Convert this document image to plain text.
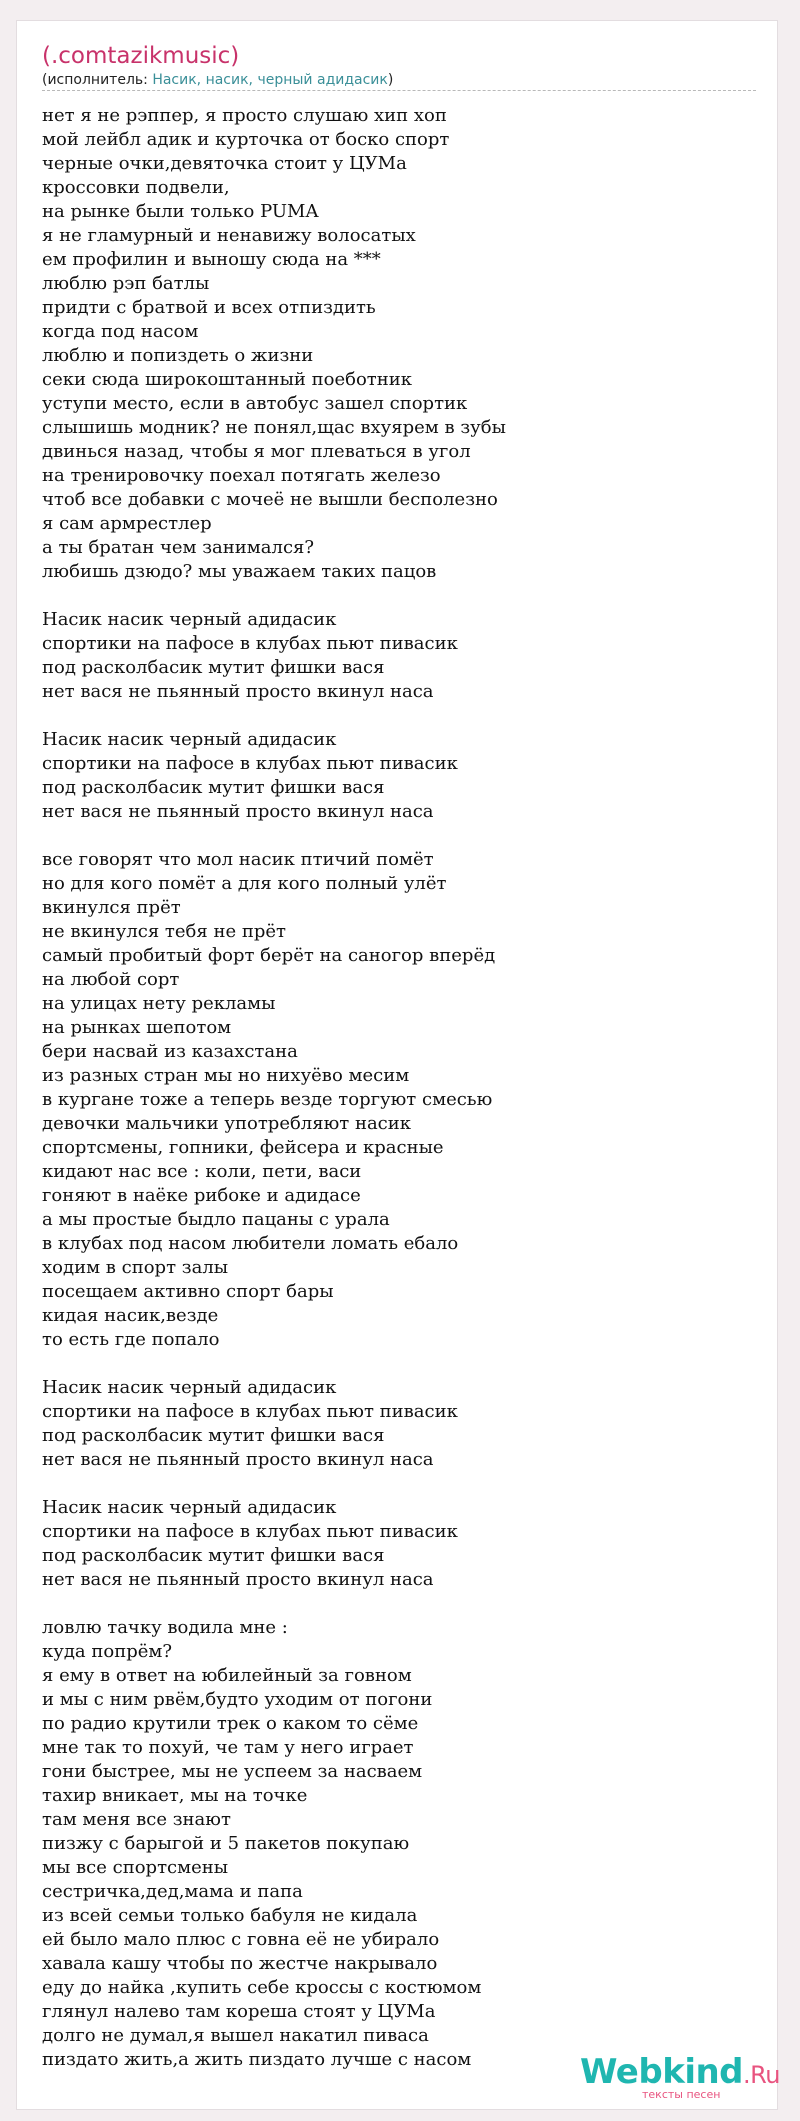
(.comtazikmusic)
(исполнитель: Насик, насик, черный адидасик)
нет я не рэппер, я просто слушаю хип хоп
мой лейбл адик и курточка от боско спорт
черные очки,девяточка стоит у ЦУМа
кроссовки подвели,
на рынке были только PUMA
я не гламурный и ненавижу волосатых
ем профилин и выношу сюда на ***
люблю рэп батлы
придти с братвой и всех отпиздить
когда под насом
люблю и попиздеть о жизни
секи сюда широкоштанный поеботник
уступи место, если в автобус зашел спортик
слышишь модник? не понял,щас вхуярем в зубы
двинься назад, чтобы я мог плеваться в угол
на тренировочку поехал потягать железо
чтоб все добавки с мочеё не вышли бесполезно
я сам армрестлер
а ты братан чем занимался?
любишь дзюдо? мы уважаем таких пацов
Насик насик черный адидасик
спортики на пафосе в клубах пьют пивасик
под расколбасик мутит фишки вася
нет вася не пьянный просто вкинул наса
Насик насик черный адидасик
спортики на пафосе в клубах пьют пивасик
под расколбасик мутит фишки вася
нет вася не пьянный просто вкинул наса
все говорят что мол насик птичий помёт
но для кого помёт а для кого полный улёт
вкинулся прёт
не вкинулся тебя не прёт
самый пробитый форт берёт на саногор вперёд
на любой сорт
на улицах нету рекламы
на рынках шепотом
бери насвай из казахстана
из разных стран мы но нихуёво месим
в кургане тоже а теперь везде торгуют смесью
девочки мальчики употребляют насик
спортсмены, гопники, фейсера и красные
кидают нас все : коли, пети, васи
гоняют в наёке рибоке и адидасе
а мы простые быдло пацаны с урала
в клубах под насом любители ломать ебало
ходим в спорт залы
посещаем активно спорт бары
кидая насик,везде
то есть где попало
Насик насик черный адидасик
спортики на пафосе в клубах пьют пивасик
под расколбасик мутит фишки вася
нет вася не пьянный просто вкинул наса
Насик насик черный адидасик
спортики на пафосе в клубах пьют пивасик
под расколбасик мутит фишки вася
нет вася не пьянный просто вкинул наса
ловлю тачку водила мне :
куда попрём?
я ему в ответ на юбилейный за говном
и мы с ним рвём,будто уходим от погони
по радио крутили трек о каком то сёме
мне так то похуй, че там у него играет
гони быстрее, мы не успеем за насваем
тахир вникает, мы на точке
там меня все знают
пизжу с барыгой и 5 пакетов покупаю
мы все спортсмены
сестричка,дед,мама и папа
из всей семьи только бабуля не кидала
ей было мало плюс с говна её не убирало
хавала кашу чтобы по жестче накрывало
еду до найка ,купить себе кроссы с костюмом
глянул налево там кореша стоят у ЦУМа
долго не думал,я вышел накатил пиваса
пиздато жить,а жить пиздато лучше с насом	Webkind.Ru
тексты песен
